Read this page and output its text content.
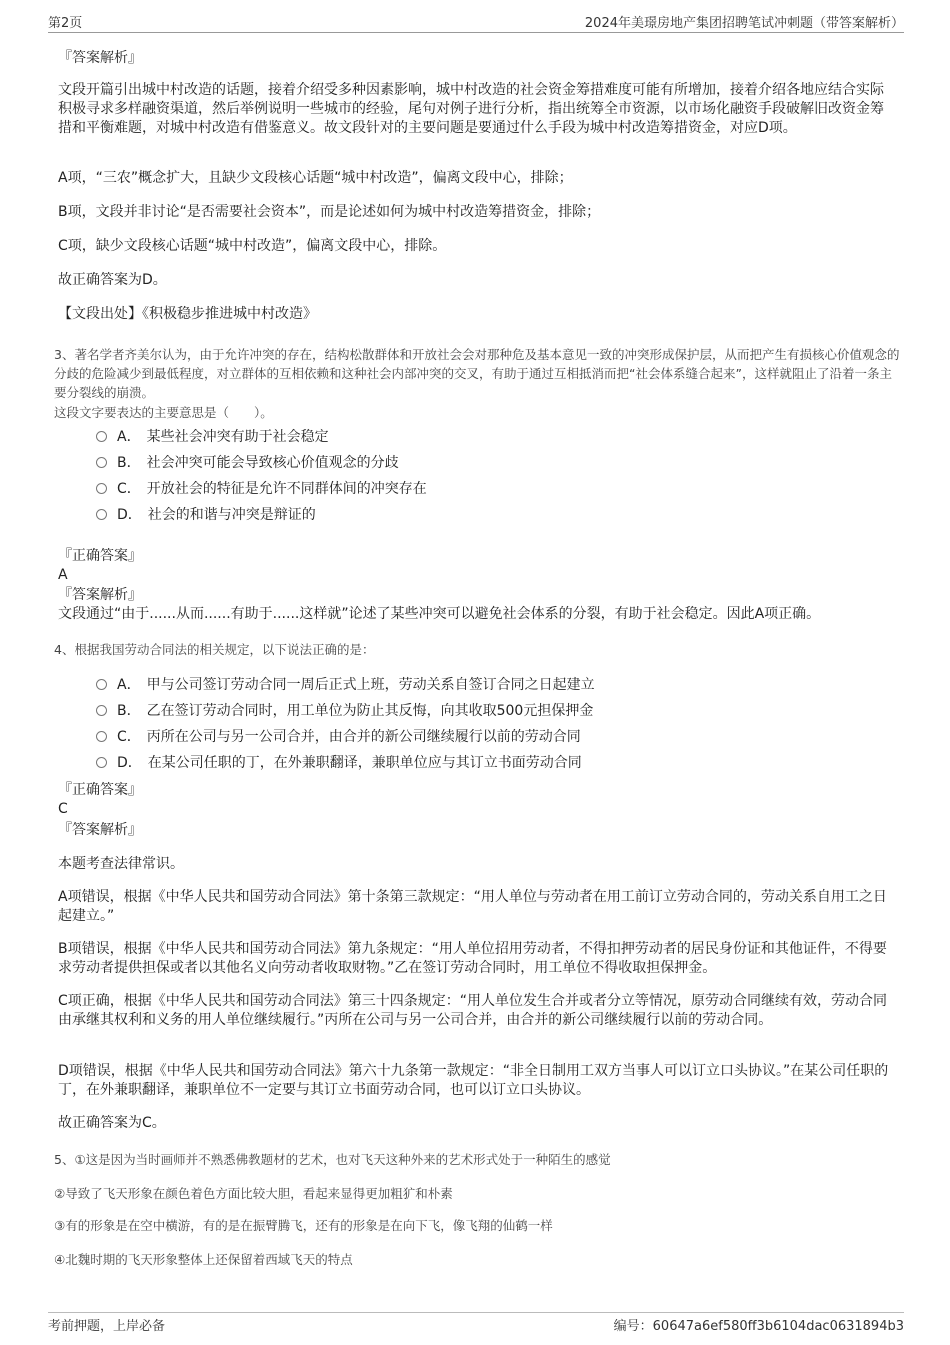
第2页	2024年美璟房地产集团招聘笔试冲刺题（带答案解析）
『答案解析』
文段开篇引出城中村改造的话题，接着介绍受多种因素影响，城中村改造的社会资金筹措难度可能有所增加，接着介绍各地应结合实际积极寻求多样融资渠道，然后举例说明一些城市的经验，尾句对例子进行分析，指出统筹全市资源，以市场化融资手段破解旧改资金筹措和平衡难题，对城中村改造有借鉴意义。故文段针对的主要问题是要通过什么手段为城中村改造筹措资金，对应D项。
A项，“三农”概念扩大，且缺少文段核心话题“城中村改造”，偏离文段中心，排除；
B项，文段并非讨论“是否需要社会资本”，而是论述如何为城中村改造筹措资金，排除；
C项，缺少文段核心话题“城中村改造”，偏离文段中心，排除。
故正确答案为D。
【文段出处】《积极稳步推进城中村改造》
3、著名学者齐美尔认为，由于允许冲突的存在，结构松散群体和开放社会会对那种危及基本意见一致的冲突形成保护层，从而把产生有损核心价值观念的分歧的危险减少到最低程度，对立群体的互相依赖和这种社会内部冲突的交叉，有助于通过互相抵消而把“社会体系缝合起来”，这样就阻止了沿着一条主要分裂线的崩溃。
这段文字要表达的主要意思是（　　）。
A． 某些社会冲突有助于社会稳定
B． 社会冲突可能会导致核心价值观念的分歧
C． 开放社会的特征是允许不同群体间的冲突存在
D． 社会的和谐与冲突是辩证的
『正确答案』
A
『答案解析』
文段通过“由于......从而......有助于......这样就”论述了某些冲突可以避免社会体系的分裂，有助于社会稳定。因此A项正确。
4、根据我国劳动合同法的相关规定，以下说法正确的是：
A． 甲与公司签订劳动合同一周后正式上班，劳动关系自签订合同之日起建立
B． 乙在签订劳动合同时，用工单位为防止其反悔，向其收取500元担保押金
C． 丙所在公司与另一公司合并，由合并的新公司继续履行以前的劳动合同
D． 在某公司任职的丁，在外兼职翻译，兼职单位应与其订立书面劳动合同
『正确答案』
C
『答案解析』
本题考查法律常识。
A项错误，根据《中华人民共和国劳动合同法》第十条第三款规定：“用人单位与劳动者在用工前订立劳动合同的，劳动关系自用工之日起建立。”
B项错误，根据《中华人民共和国劳动合同法》第九条规定：“用人单位招用劳动者，不得扣押劳动者的居民身份证和其他证件，不得要求劳动者提供担保或者以其他名义向劳动者收取财物。”乙在签订劳动合同时，用工单位不得收取担保押金。
C项正确，根据《中华人民共和国劳动合同法》第三十四条规定：“用人单位发生合并或者分立等情况，原劳动合同继续有效，劳动合同由承继其权利和义务的用人单位继续履行。”丙所在公司与另一公司合并，由合并的新公司继续履行以前的劳动合同。
D项错误，根据《中华人民共和国劳动合同法》第六十九条第一款规定：“非全日制用工双方当事人可以订立口头协议。”在某公司任职的丁，在外兼职翻译，兼职单位不一定要与其订立书面劳动合同，也可以订立口头协议。
故正确答案为C。
5、①这是因为当时画师并不熟悉佛教题材的艺术，也对飞天这种外来的艺术形式处于一种陌生的感觉
②导致了飞天形象在颜色着色方面比较大胆，看起来显得更加粗犷和朴素
③有的形象是在空中横游，有的是在振臂腾飞，还有的形象是在向下飞，像飞翔的仙鹤一样
④北魏时期的飞天形象整体上还保留着西域飞天的特点
考前押题，上岸必备	编号：60647a6ef580ff3b6104dac0631894b3
